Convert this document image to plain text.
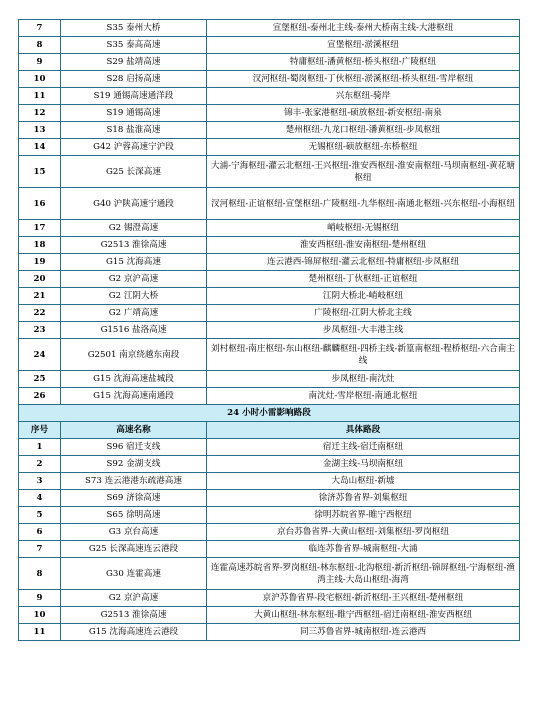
7	S35 泰州大桥	宣堡枢纽-泰州北主线-泰州大桥南主线-大港枢纽
8	S35 泰高高速	宣堡枢纽-淤溪枢纽
9	S29 盐靖高速	特庸枢纽-潘黄枢纽-桥头枢纽-广陵枢纽
10	S28 启扬高速	汊河枢纽-蜀岗枢纽-丁伙枢纽-淤溪枢纽-桥头枢纽-雪岸枢纽
11	S19 通锡高速通洋段	兴东枢纽-骑岸
12	S19 通锡高速	锦丰-张家港枢纽-硕放枢纽-新安枢纽-南泉
13	S18 盐淮高速	楚州枢纽-九龙口枢纽-潘黄枢纽-步凤枢纽
14	G42 沪蓉高速宁沪段	无锡枢纽-硕放枢纽-东桥枢纽
15	G25 长深高速	大浦-宁海枢纽-灌云北枢纽-王兴枢纽-淮安西枢纽-淮安南枢纽-马坝南枢纽-黄花塘枢纽
16	G40 沪陕高速宁通段	汊河枢纽-正谊枢纽-宣堡枢纽-广陵枢纽-九华枢纽-南通北枢纽-兴东枢纽-小海枢纽
17	G2 锡澄高速	峭岐枢纽-无锡枢纽
18	G2513 淮徐高速	淮安西枢纽-淮安南枢纽-楚州枢纽
19	G15 沈海高速	连云港西-锦屏枢纽-灌云北枢纽-特庸枢纽-步凤枢纽
20	G2 京沪高速	楚州枢纽-丁伙枢纽-正谊枢纽
21	G2 江阴大桥	江阴大桥北-峭岐枢纽
22	G2 广靖高速	广陵枢纽-江阴大桥北主线
23	G1516 盐洛高速	步凤枢纽-大丰港主线
24	G2501 南京绕越东南段	刘村枢纽-南庄枢纽-东山枢纽-麒麟枢纽-四桥主线-新篁南枢纽-程桥枢纽-六合南主线
25	G15 沈海高速盐城段	步凤枢纽-南沈灶
26	G15 沈海高速南通段	南沈灶-雪岸枢纽-南通北枢纽
24 小时小雷影响路段		
序号	高速名称	具体路段
1	S96 宿迁支线	宿迁主线-宿迁南枢纽
2	S92 金湖支线	金湖主线-马坝南枢纽
3	S73 连云港港东疏港高速	大岛山枢纽-新墟
4	S69 济徐高速	徐济苏鲁省界-刘集枢纽
5	S65 徐明高速	徐明苏皖省界-睢宁西枢纽
6	G3 京台高速	京台苏鲁省界-大黄山枢纽-刘集枢纽-罗岗枢纽
7	G25 长深高速连云港段	临连苏鲁省界-城南枢纽-大浦
8	G30 连霍高速	连霍高速苏皖省界-罗岗枢纽-林东枢纽-北沟枢纽-新沂枢纽-锦屏枢纽-宁海枢纽-渔湾主线-大岛山枢纽-海湾
9	G2 京沪高速	京沪苏鲁省界-段宅枢纽-新沂枢纽-王兴枢纽-楚州枢纽
10	G2513 淮徐高速	大黄山枢纽-林东枢纽-睢宁西枢纽-宿迁南枢纽-淮安西枢纽
11	G15 沈海高速连云港段	同三苏鲁省界-城南枢纽-连云港西
